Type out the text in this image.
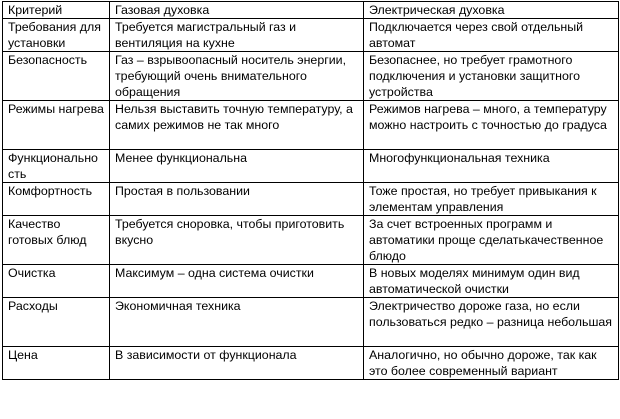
Критерий	Газовая духовка	Электрическая духовка
Требования для установки	Требуется магистральный газ и вентиляция на кухне	Подключается через свой отдельный автомат
Безопасность	Газ – взрывоопасный носитель энергии, требующий очень внимательного обращения	Безопаснее, но требует грамотного подключения и установки защитного устройства
Режимы нагрева	Нельзя выставить точную температуру, а самих режимов не так много	Режимов нагрева – много, а температуру можно настроить с точностью до градуса
Функциональность	Менее функциональна	Многофункциональная техника
Комфортность	Простая в пользовании	Тоже простая, но требует привыкания к элементам управления
Качество готовых блюд	Требуется сноровка, чтобы приготовить вкусно	За счет встроенных программ и автоматики проще сделатькачественное блюдо
Очистка	Максимум – одна система очистки	В новых моделях минимум один вид автоматической очистки
Расходы	Экономичная техника	Электричество дороже газа, но если пользоваться редко – разница небольшая
Цена	В зависимости от функционала	Аналогично, но обычно дороже, так как это более современный вариант
